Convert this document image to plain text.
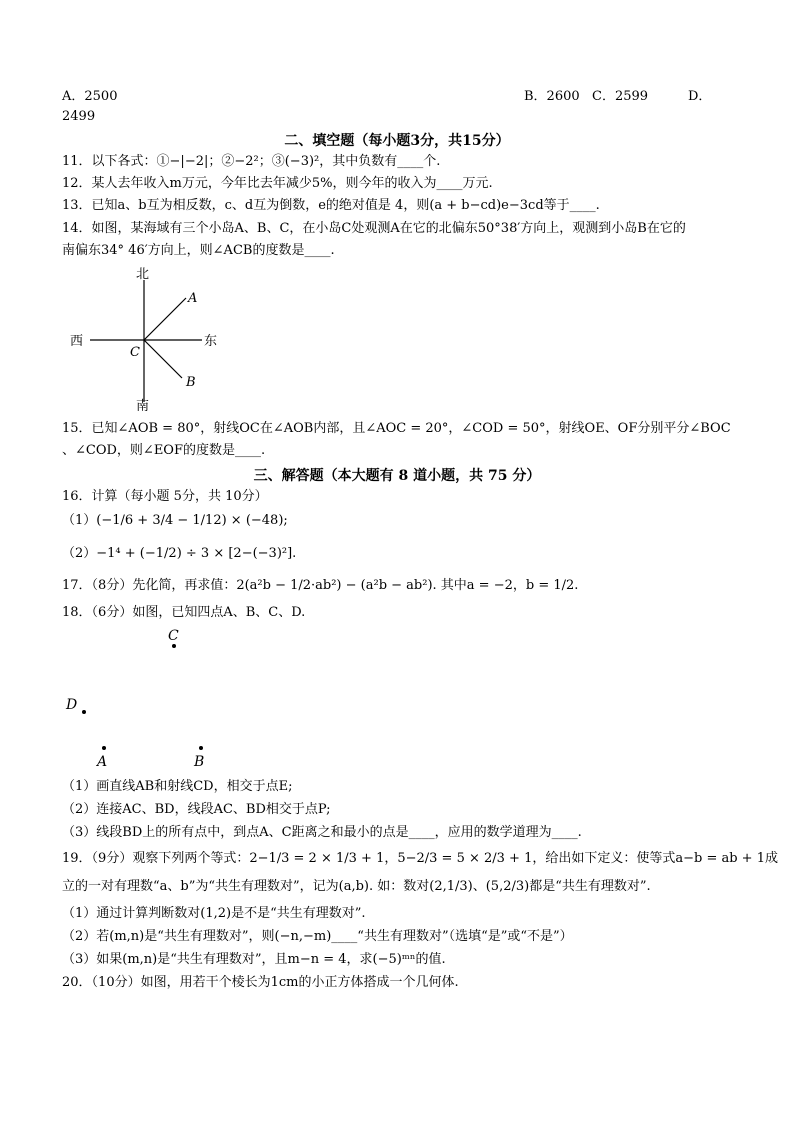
A．2500	B．2600 C．2599	D．
2499
二、填空题（每小题3分，共15分）
11．以下各式：①−|−2|；②−2²；③(−3)²，其中负数有____个.
12．某人去年收入m万元，今年比去年减少5%，则今年的收入为____万元.
13．已知a、b互为相反数，c、d互为倒数，e的绝对值是 4，则(a + b−cd)e−3cd等于____.
14．如图，某海域有三个小岛A、B、C，在小岛C处观测A在它的北偏东50°38′方向上，观测到小岛B在它的
南偏东34° 46′方向上，则∠ACB的度数是____.
北
南
西	东
A
B
C
15．已知∠AOB = 80°，射线OC在∠AOB内部，且∠AOC = 20°，∠COD = 50°，射线OE、OF分别平分∠BOC
、∠COD，则∠EOF的度数是____.
三、解答题（本大题有 8 道小题，共 75 分）
16．计算（每小题 5分，共 10分）
（1）(−1/6 + 3/4 − 1/12) × (−48);
（2）−1⁴ + (−1/2) ÷ 3 × [2−(−3)²].
17．（8分）先化简，再求值：2(a²b − 1/2·ab²) − (a²b − ab²). 其中a = −2，b = 1/2.
18．（6分）如图，已知四点A、B、C、D.
C
D
A	B
（1）画直线AB和射线CD，相交于点E;
（2）连接AC、BD，线段AC、BD相交于点P;
（3）线段BD上的所有点中，到点A、C距离之和最小的点是____，应用的数学道理为____.
19．（9分）观察下列两个等式：2−1/3 = 2 × 1/3 + 1，5−2/3 = 5 × 2/3 + 1，给出如下定义：使等式a−b = ab + 1成
立的一对有理数“a、b”为“共生有理数对”，记为(a,b). 如：数对(2,1/3)、(5,2/3)都是“共生有理数对”.
（1）通过计算判断数对(1,2)是不是“共生有理数对”.
（2）若(m,n)是“共生有理数对”，则(−n,−m)____“共生有理数对”（选填“是”或“不是”）
（3）如果(m,n)是“共生有理数对”，且m−n = 4，求(−5)ᵐⁿ的值.
20．（10分）如图，用若干个棱长为1cm的小正方体搭成一个几何体.
